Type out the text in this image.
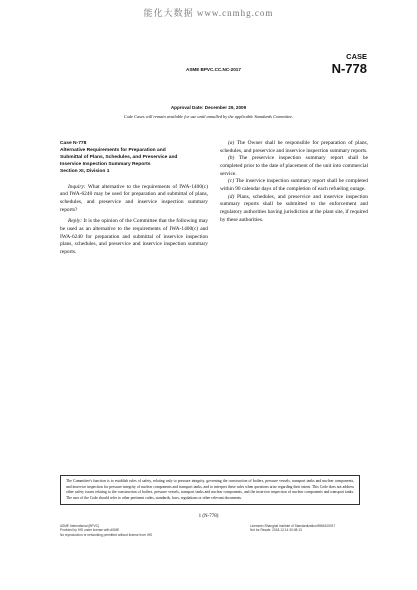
能化大数据 www.cnmhg.com
CASE
N-778
ASME BPVC.CC.NC-2017
Approval Date: December 29, 2009
Code Cases will remain available for use until annulled by the applicable Standards Committee.
Case N-778
Alternative Requirements for Preparation and
Submittal of Plans, Schedules, and Preservice and
Inservice Inspection Summary Reports
Section XI, Division 1

Inquiry: What alternative to the requirements of IWA-1400(c) and IWA-6240 may be used for preparation and submittal of plans, schedules, and preservice and inservice inspection summary reports?

Reply: It is the opinion of the Committee that the following may be used as an alternative to the requirements of IWA-1400(c) and IWA-6240 for preparation and submittal of inservice inspection plans, schedules, and preservice and inservice inspection summary reports.

(a) The Owner shall be responsible for preparation of plans, schedules, and preservice and inservice inspection summary reports.

(b) The preservice inspection summary report shall be completed prior to the date of placement of the unit into commercial service.

(c) The inservice inspection summary report shall be completed within 90 calendar days of the completion of each refueling outage.

(d) Plans, schedules, and preservice and inservice inspection summary reports shall be submitted to the enforcement and regulatory authorities having jurisdiction at the plant site, if required by these authorities.

The Committee's function is to establish rules of safety, relating only to pressure integrity, governing the construction of boilers, pressure vessels, transport tanks and nuclear components, and inservice inspection for pressure integrity of nuclear components and transport tanks, and to interpret these rules when questions arise regarding their intent. This Code does not address other safety issues relating to the construction of boilers, pressure vessels, transport tanks and nuclear components, and the inservice inspection of nuclear components and transport tanks. The user of the Code should refer to other pertinent codes, standards, laws, regulations or other relevant documents.
1 (N-778)
ASME International (BPVC)
Provided by IHS under license with ASME
No reproduction or networking permitted without license from IHS
Licensee=Shanghai Institute of Standardization/5966100917
Not for Resale, 2018-12-14 00:08:13
